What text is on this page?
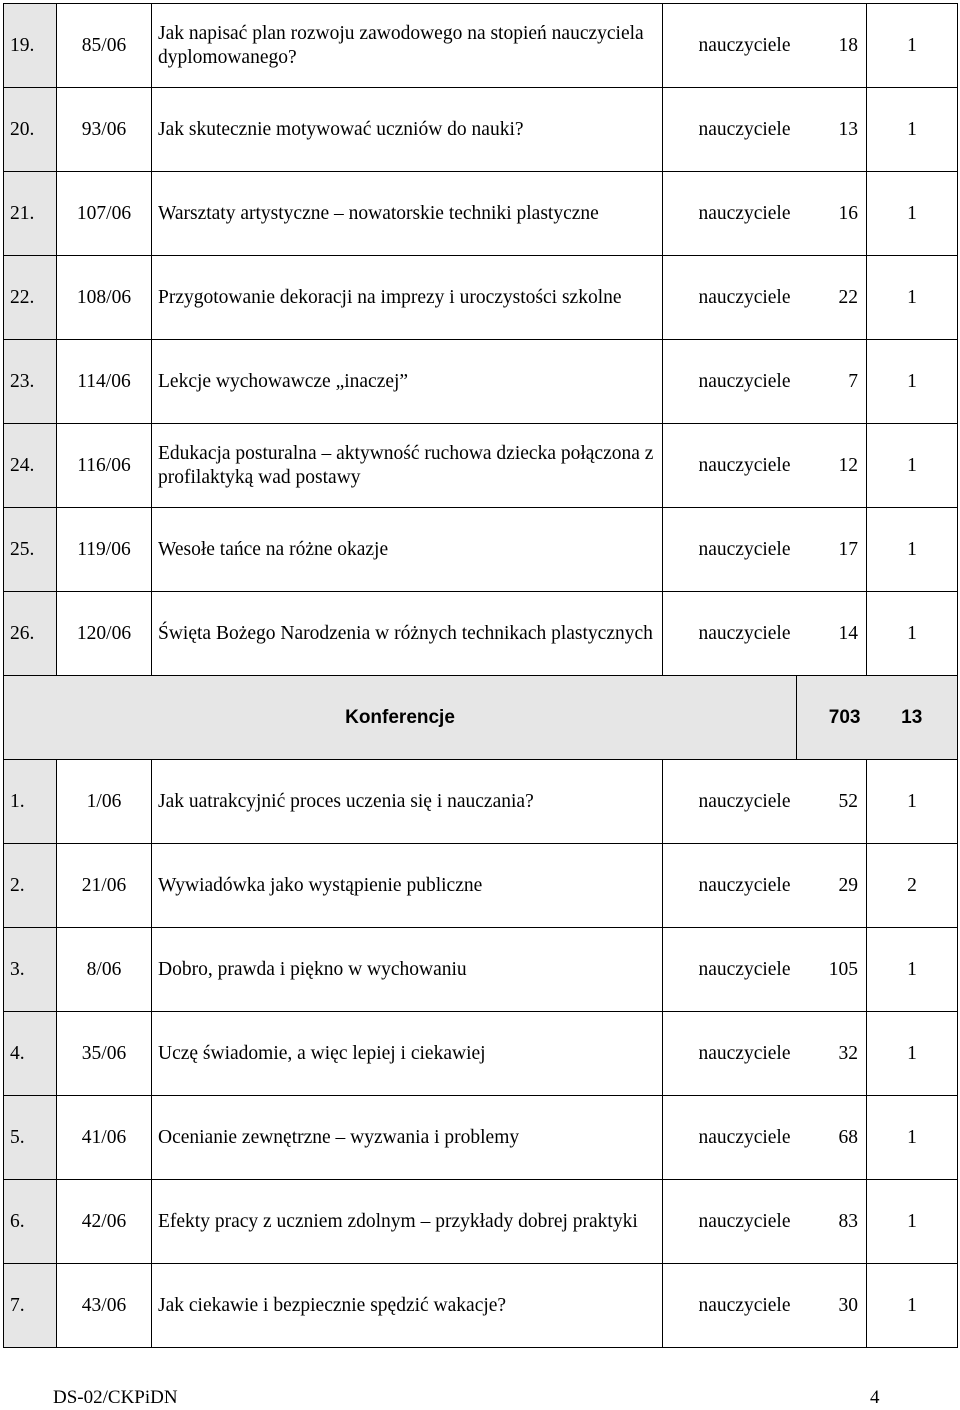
19.	85/06	Jak napisać plan rozwoju zawodowego na stopień nauczyciela dyplomowanego?	nauczyciele	18	1
20.	93/06	Jak skutecznie motywować uczniów do nauki?	nauczyciele	13	1
21.	107/06	Warsztaty artystyczne – nowatorskie techniki plastyczne	nauczyciele	16	1
22.	108/06	Przygotowanie dekoracji na imprezy i uroczystości szkolne	nauczyciele	22	1
23.	114/06	Lekcje wychowawcze „inaczej”	nauczyciele	7	1
24.	116/06	Edukacja posturalna – aktywność ruchowa dziecka połączona z profilaktyką wad postawy	nauczyciele	12	1
25.	119/06	Wesołe tańce na różne okazje	nauczyciele	17	1
26.	120/06	Święta Bożego Narodzenia w różnych technikach plastycznych	nauczyciele	14	1
Konferencje				703	13
1.	1/06	Jak uatrakcyjnić proces uczenia się i nauczania?	nauczyciele	52	1
2.	21/06	Wywiadówka jako wystąpienie publiczne	nauczyciele	29	2
3.	8/06	Dobro, prawda i piękno w wychowaniu	nauczyciele	105	1
4.	35/06	Uczę świadomie, a więc lepiej i ciekawiej	nauczyciele	32	1
5.	41/06	Ocenianie zewnętrzne – wyzwania i problemy	nauczyciele	68	1
6.	42/06	Efekty pracy z uczniem zdolnym – przykłady dobrej praktyki	nauczyciele	83	1
7.	43/06	Jak ciekawie i bezpiecznie spędzić wakacje?	nauczyciele	30	1
DS-02/CKPiDN	4
